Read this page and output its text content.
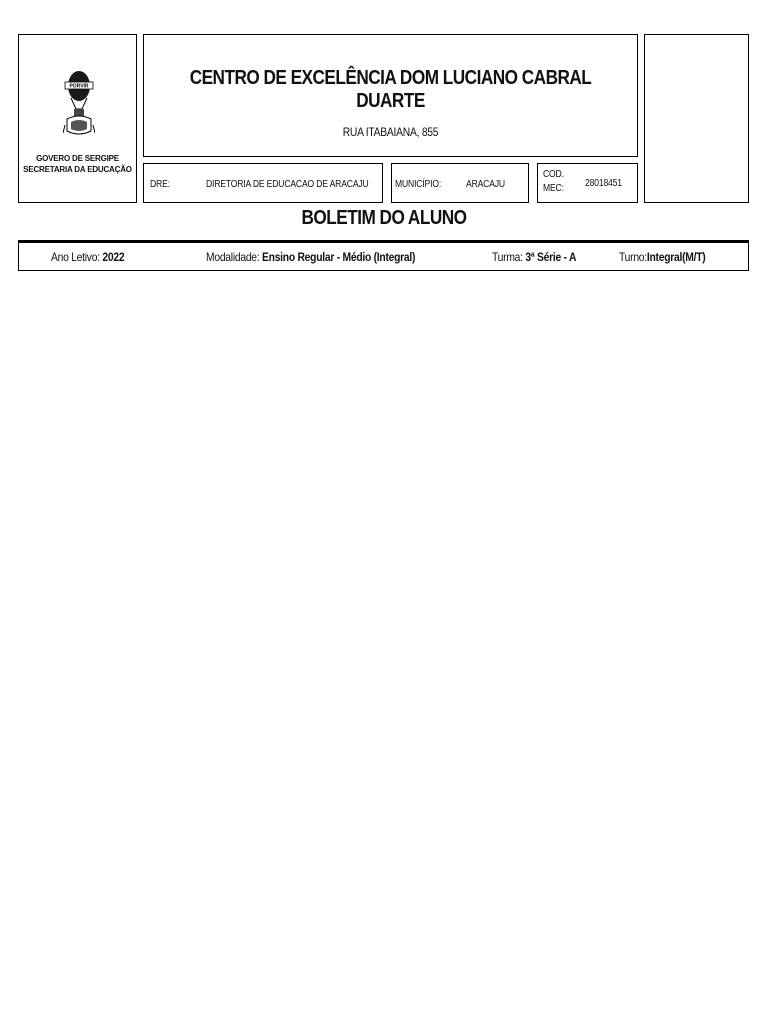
PORVIR
GOVERO DE SERGIPE
SECRETARIA DA EDUCAÇÃO
CENTRO DE EXCELÊNCIA DOM LUCIANO CABRAL DUARTE
RUA ITABAIANA, 855
DRE:	DIRETORIA DE EDUCACAO DE ARACAJU	MUNICÍPIO: ARACAJU
COD.
MEC: 28018451
BOLETIM DO ALUNO
Ano Letivo: 2022	Modalidade: Ensino Regular - Médio (Integral)	Turma: 3ª Série - A	Turno:Integral(M/T)
